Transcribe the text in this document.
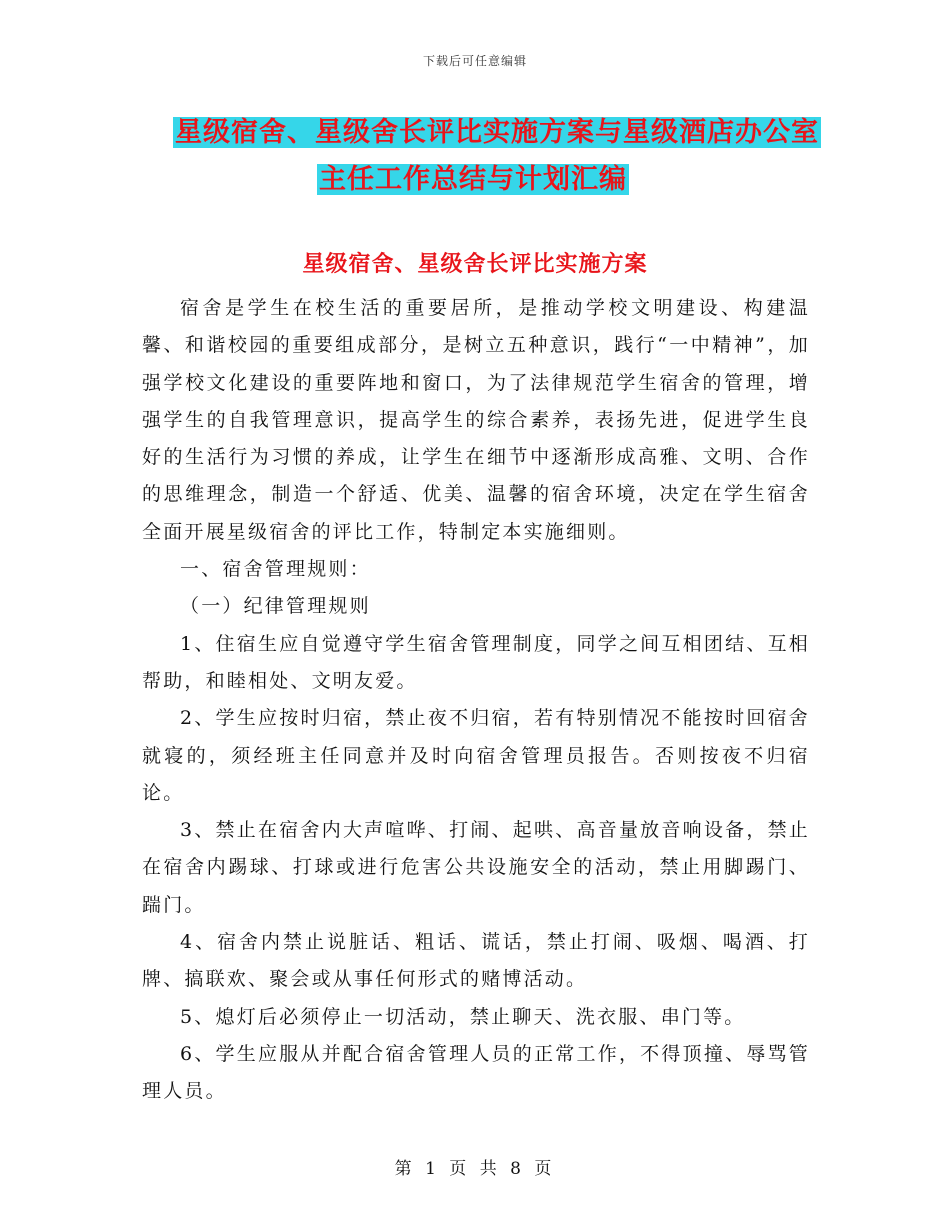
下载后可任意编辑
星级宿舍、星级舍长评比实施方案与星级酒店办公室
主任工作总结与计划汇编
星级宿舍、星级舍长评比实施方案

宿舍是学生在校生活的重要居所，是推动学校文明建设、构建温馨、和谐校园的重要组成部分，是树立五种意识，践行“一中精神”，加强学校文化建设的重要阵地和窗口，为了法律规范学生宿舍的管理，增强学生的自我管理意识，提高学生的综合素养，表扬先进，促进学生良好的生活行为习惯的养成，让学生在细节中逐渐形成高雅、文明、合作的思维理念，制造一个舒适、优美、温馨的宿舍环境，决定在学生宿舍全面开展星级宿舍的评比工作，特制定本实施细则。

一、宿舍管理规则：

（一）纪律管理规则

1、住宿生应自觉遵守学生宿舍管理制度，同学之间互相团结、互相帮助，和睦相处、文明友爱。

2、学生应按时归宿，禁止夜不归宿，若有特别情况不能按时回宿舍就寝的，须经班主任同意并及时向宿舍管理员报告。否则按夜不归宿论。

3、禁止在宿舍内大声喧哗、打闹、起哄、高音量放音响设备，禁止在宿舍内踢球、打球或进行危害公共设施安全的活动，禁止用脚踢门、踹门。

4、宿舍内禁止说脏话、粗话、谎话，禁止打闹、吸烟、喝酒、打牌、搞联欢、聚会或从事任何形式的赌博活动。

5、熄灯后必须停止一切活动，禁止聊天、洗衣服、串门等。

6、学生应服从并配合宿舍管理人员的正常工作，不得顶撞、辱骂管理人员。

第 1 页 共 8 页
